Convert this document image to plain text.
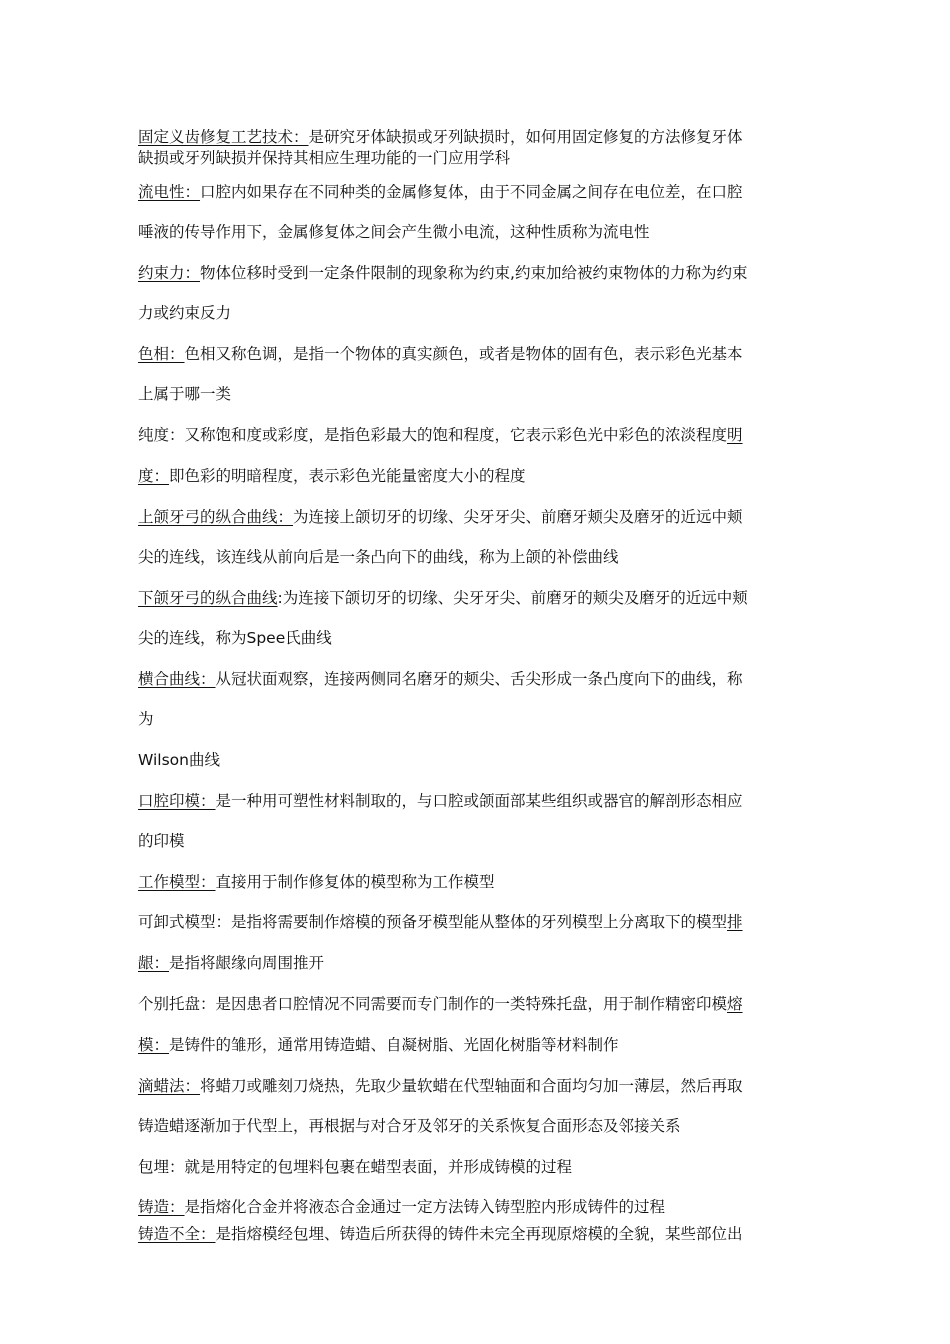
固定义齿修复工艺技术：是研究牙体缺损或牙列缺损时，如何用固定修复的方法修复牙体
缺损或牙列缺损并保持其相应生理功能的一门应用学科
流电性：口腔内如果存在不同种类的金属修复体，由于不同金属之间存在电位差，在口腔
唾液的传导作用下，金属修复体之间会产生微小电流，这种性质称为流电性
约束力：物体位移时受到一定条件限制的现象称为约束,约束加给被约束物体的力称为约束
力或约束反力
色相：色相又称色调，是指一个物体的真实颜色，或者是物体的固有色，表示彩色光基本
上属于哪一类
纯度：又称饱和度或彩度，是指色彩最大的饱和程度，它表示彩色光中彩色的浓淡程度明
度：即色彩的明暗程度，表示彩色光能量密度大小的程度
上颌牙弓的纵合曲线：为连接上颌切牙的切缘、尖牙牙尖、前磨牙颊尖及磨牙的近远中颊
尖的连线，该连线从前向后是一条凸向下的曲线，称为上颌的补偿曲线
下颌牙弓的纵合曲线:为连接下颌切牙的切缘、尖牙牙尖、前磨牙的颊尖及磨牙的近远中颊
尖的连线，称为Spee氏曲线
横合曲线：从冠状面观察，连接两侧同名磨牙的颊尖、舌尖形成一条凸度向下的曲线，称
为
Wilson曲线
口腔印模：是一种用可塑性材料制取的，与口腔或颌面部某些组织或器官的解剖形态相应
的印模
工作模型：直接用于制作修复体的模型称为工作模型
可卸式模型：是指将需要制作熔模的预备牙模型能从整体的牙列模型上分离取下的模型排
龈：是指将龈缘向周围推开
个别托盘：是因患者口腔情况不同需要而专门制作的一类特殊托盘，用于制作精密印模熔
模：是铸件的雏形，通常用铸造蜡、自凝树脂、光固化树脂等材料制作
滴蜡法：将蜡刀或雕刻刀烧热，先取少量软蜡在代型轴面和合面均匀加一薄层，然后再取
铸造蜡逐渐加于代型上，再根据与对合牙及邻牙的关系恢复合面形态及邻接关系
包埋：就是用特定的包埋料包裹在蜡型表面，并形成铸模的过程
铸造：是指熔化合金并将液态合金通过一定方法铸入铸型腔内形成铸件的过程
铸造不全：是指熔模经包埋、铸造后所获得的铸件未完全再现原熔模的全貌，某些部位出
